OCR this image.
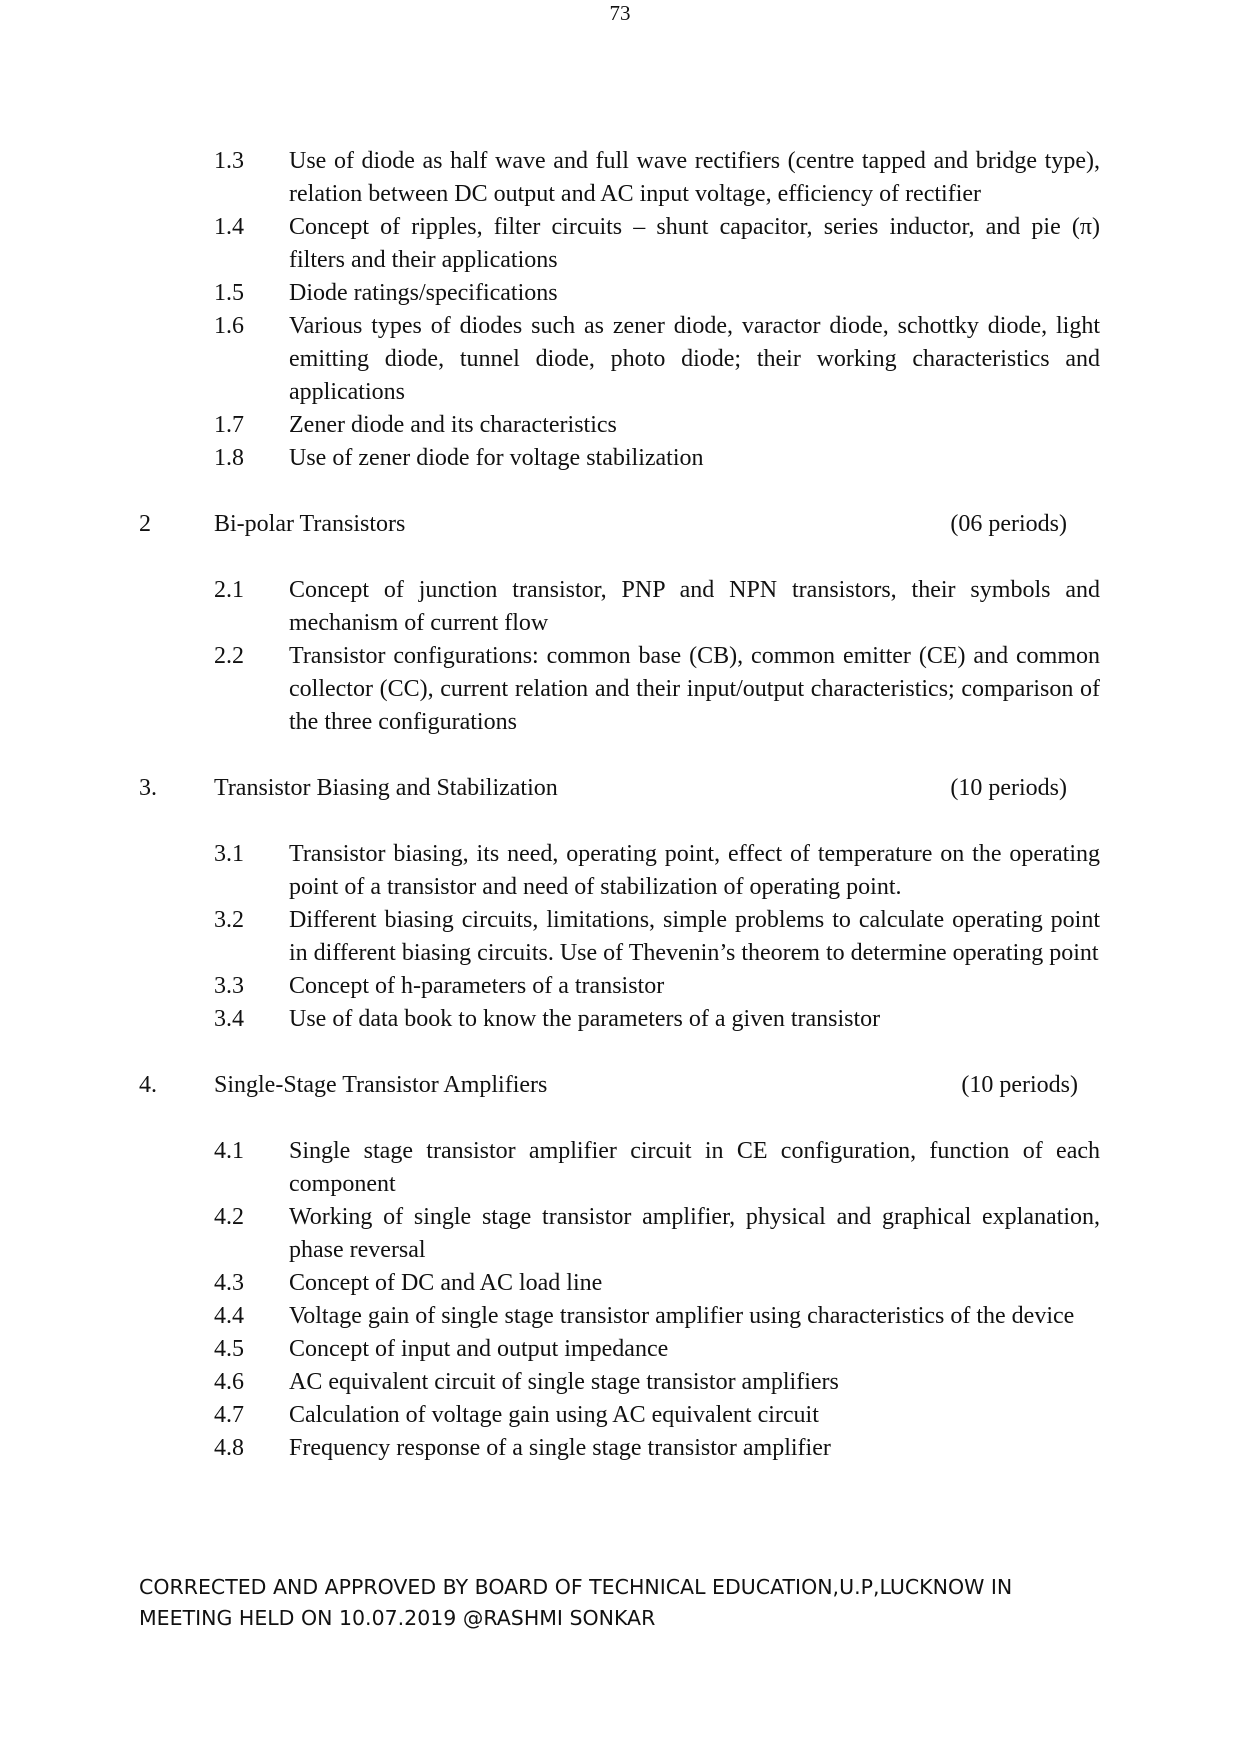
73
1.3	Use of diode as half wave and full wave rectifiers (centre tapped and bridge type), relation between DC output and AC input voltage, efficiency of rectifier
1.4	Concept of ripples, filter circuits – shunt capacitor, series inductor, and pie (π) filters and their applications
1.5	Diode ratings/specifications
1.6	Various types of diodes such as zener diode, varactor diode, schottky diode, light emitting diode, tunnel diode, photo diode; their working characteristics and applications
1.7	Zener diode and its characteristics
1.8	Use of zener diode for voltage stabilization
2	Bi-polar Transistors	(06 periods)
2.1	Concept of junction transistor, PNP and NPN transistors, their symbols and mechanism of current flow
2.2	Transistor configurations: common base (CB), common emitter (CE) and common collector (CC), current relation and their input/output characteristics; comparison of the three configurations
3. Transistor Biasing and Stabilization	(10 periods)
3.1	Transistor biasing, its need, operating point, effect of temperature on the operating point of a transistor and need of stabilization of operating point.
3.2	Different biasing circuits, limitations, simple problems to calculate operating point in different biasing circuits. Use of Thevenin’s theorem to determine operating point
3.3	Concept of h-parameters of a transistor
3.4	Use of data book to know the parameters of a given transistor
4. Single-Stage Transistor Amplifiers	(10 periods)
4.1	Single stage transistor amplifier circuit in CE configuration, function of each component
4.2	Working of single stage transistor amplifier, physical and graphical explanation, phase reversal
4.3	Concept of DC and AC load line
4.4	Voltage gain of single stage transistor amplifier using characteristics of the device
4.5	Concept of input and output impedance
4.6	AC equivalent circuit of single stage transistor amplifiers
4.7	Calculation of voltage gain using AC equivalent circuit
4.8	Frequency response of a single stage transistor amplifier
CORRECTED AND APPROVED BY BOARD OF TECHNICAL EDUCATION,U.P,LUCKNOW IN
MEETING HELD ON 10.07.2019 @RASHMI SONKAR
